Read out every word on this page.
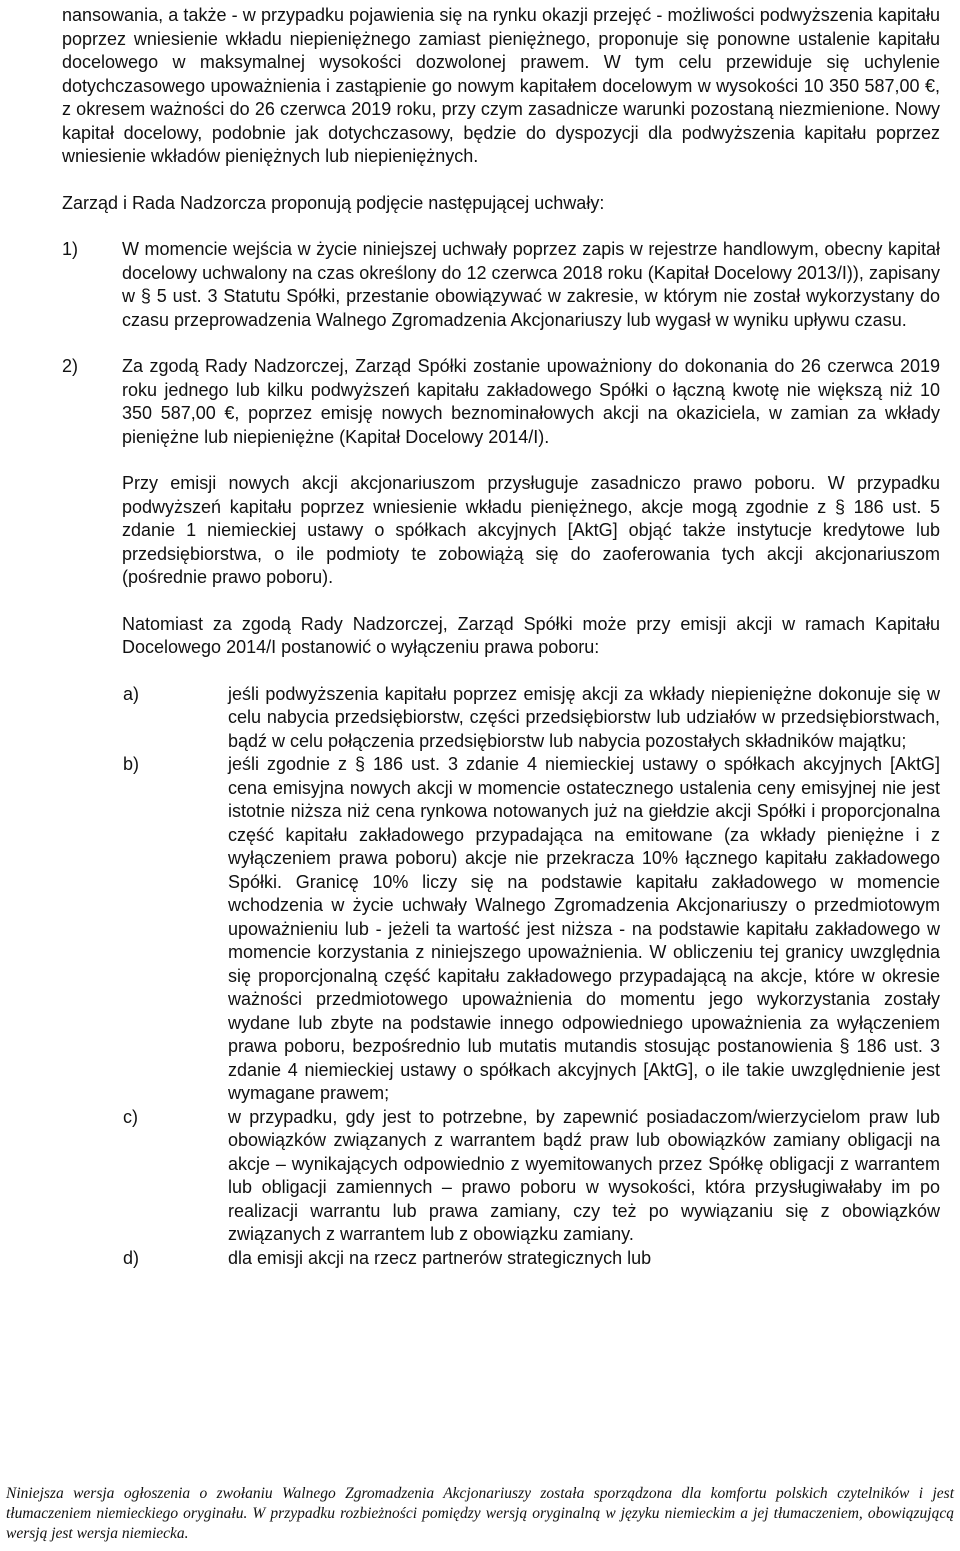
nansowania, a także - w przypadku pojawienia się na rynku okazji przejęć - możliwości podwyższenia kapitału poprzez wniesienie wkładu niepieniężnego zamiast pieniężnego, proponuje się ponowne ustalenie kapitału docelowego w maksymalnej wysokości dozwolonej prawem. W tym celu przewiduje się uchylenie dotychczasowego upoważnienia i zastąpienie go nowym kapitałem docelowym w wysokości 10 350 587,00 €, z okresem ważności do 26 czerwca 2019 roku, przy czym zasadnicze warunki pozostaną niezmienione. Nowy kapitał docelowy, podobnie jak dotychczasowy, będzie do dyspozycji dla podwyższenia kapitału poprzez wniesienie wkładów pieniężnych lub niepieniężnych.

Zarząd i Rada Nadzorcza proponują podjęcie następującej uchwały:

1)	W momencie wejścia w życie niniejszej uchwały poprzez zapis w rejestrze handlowym, obecny kapitał docelowy uchwalony na czas określony do 12 czerwca 2018 roku (Kapitał Docelowy 2013/I)), zapisany w § 5 ust. 3 Statutu Spółki, przestanie obowiązywać w zakresie, w którym nie został wykorzystany do czasu przeprowadzenia Walnego Zgromadzenia Akcjonariuszy lub wygasł w wyniku upływu czasu.

2)	Za zgodą Rady Nadzorczej, Zarząd Spółki zostanie upoważniony do dokonania do 26 czerwca 2019 roku jednego lub kilku podwyższeń kapitału zakładowego Spółki o łączną kwotę nie większą niż 10 350 587,00 €, poprzez emisję nowych beznominałowych akcji na okaziciela, w zamian za wkłady pieniężne lub niepieniężne (Kapitał Docelowy 2014/I).

Przy emisji nowych akcji akcjonariuszom przysługuje zasadniczo prawo poboru. W przypadku podwyższeń kapitału poprzez wniesienie wkładu pieniężnego, akcje mogą zgodnie z § 186 ust. 5 zdanie 1 niemieckiej ustawy o spółkach akcyjnych [AktG] objąć także instytucje kredytowe lub przedsiębiorstwa, o ile podmioty te zobowiążą się do zaoferowania tych akcji akcjonariuszom (pośrednie prawo poboru).

Natomiast za zgodą Rady Nadzorczej, Zarząd Spółki może przy emisji akcji w ramach Kapitału Docelowego 2014/I postanowić o wyłączeniu prawa poboru:

a)	jeśli podwyższenia kapitału poprzez emisję akcji za wkłady niepieniężne dokonuje się w celu nabycia przedsiębiorstw, części przedsiębiorstw lub udziałów w przedsiębiorstwach, bądź w celu połączenia przedsiębiorstw lub nabycia pozostałych składników majątku;
b)	jeśli zgodnie z § 186 ust. 3 zdanie 4 niemieckiej ustawy o spółkach akcyjnych [AktG] cena emisyjna nowych akcji w momencie ostatecznego ustalenia ceny emisyjnej nie jest istotnie niższa niż cena rynkowa notowanych już na giełdzie akcji Spółki i proporcjonalna część kapitału zakładowego przypadająca na emitowane (za wkłady pieniężne i z wyłączeniem prawa poboru) akcje nie przekracza 10% łącznego kapitału zakładowego Spółki. Granicę 10% liczy się na podstawie kapitału zakładowego w momencie wchodzenia w życie uchwały Walnego Zgromadzenia Akcjonariuszy o przedmiotowym upoważnieniu lub - jeżeli ta wartość jest niższa - na podstawie kapitału zakładowego w momencie korzystania z niniejszego upoważnienia. W obliczeniu tej granicy uwzględnia się proporcjonalną część kapitału zakładowego przypadającą na akcje, które w okresie ważności przedmiotowego upoważnienia do momentu jego wykorzystania zostały wydane lub zbyte na podstawie innego odpowiedniego upoważnienia za wyłączeniem prawa poboru, bezpośrednio lub mutatis mutandis stosując postanowienia § 186 ust. 3 zdanie 4 niemieckiej ustawy o spółkach akcyjnych [AktG], o ile takie uwzględnienie jest wymagane prawem;
c)	w przypadku, gdy jest to potrzebne, by zapewnić posiadaczom/wierzycielom praw lub obowiązków związanych z warrantem bądź praw lub obowiązków zamiany obligacji na akcje – wynikających odpowiednio z wyemitowanych przez Spółkę obligacji z warrantem lub obligacji zamiennych – prawo poboru w wysokości, która przysługiwałaby im po realizacji warrantu lub prawa zamiany, czy też po wywiązaniu się z obowiązków związanych z warrantem lub z obowiązku zamiany.
d)	dla emisji akcji na rzecz partnerów strategicznych lub
Niniejsza wersja ogłoszenia o zwołaniu Walnego Zgromadzenia Akcjonariuszy została sporządzona dla komfortu polskich czytelników i jest tłumaczeniem niemieckiego oryginału. W przypadku rozbieżności pomiędzy wersją oryginalną w języku niemieckim a jej tłumaczeniem, obowiązującą wersją jest wersja niemiecka.
